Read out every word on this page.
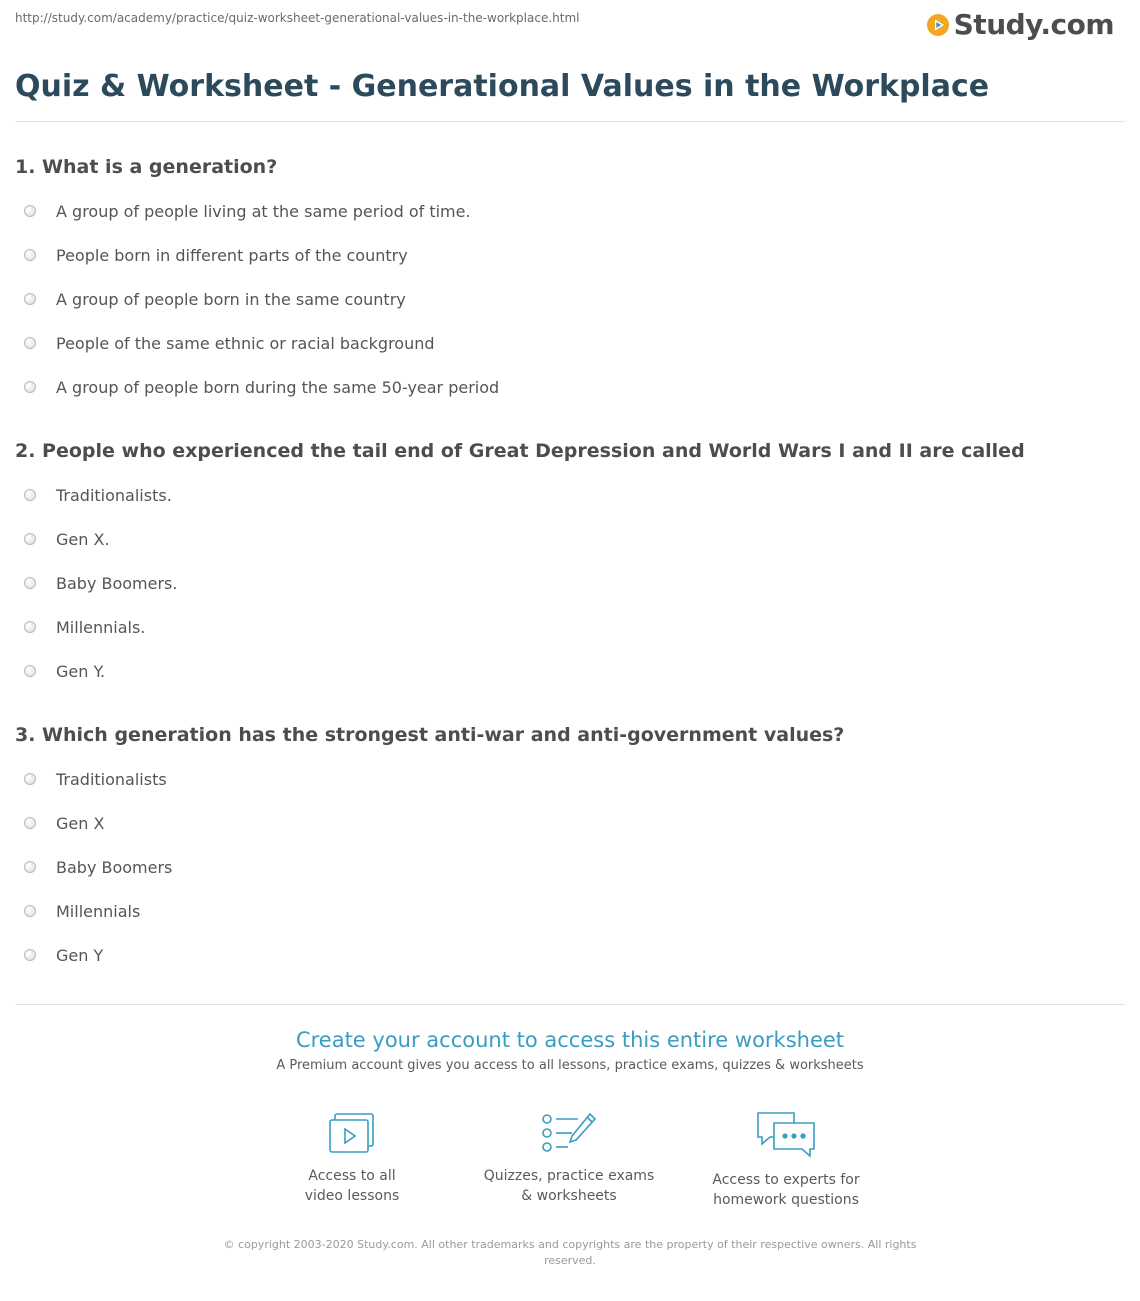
http://study.com/academy/practice/quiz-worksheet-generational-values-in-the-workplace.html	Study.com
Quiz & Worksheet - Generational Values in the Workplace

1. What is a generation?

A group of people living at the same period of time.
People born in different parts of the country
A group of people born in the same country
People of the same ethnic or racial background
A group of people born during the same 50-year period

2. People who experienced the tail end of Great Depression and World Wars I and II are called

Traditionalists.
Gen X.
Baby Boomers.
Millennials.
Gen Y.

3. Which generation has the strongest anti-war and anti-government values?

Traditionalists
Gen X
Baby Boomers
Millennials
Gen Y

Create your account to access this entire worksheet

A Premium account gives you access to all lessons, practice exams, quizzes & worksheets

Access to all
video lessons
Quizzes, practice exams
& worksheets
Access to experts for
homework questions
© copyright 2003-2020 Study.com. All other trademarks and copyrights are the property of their respective owners. All rights reserved.
